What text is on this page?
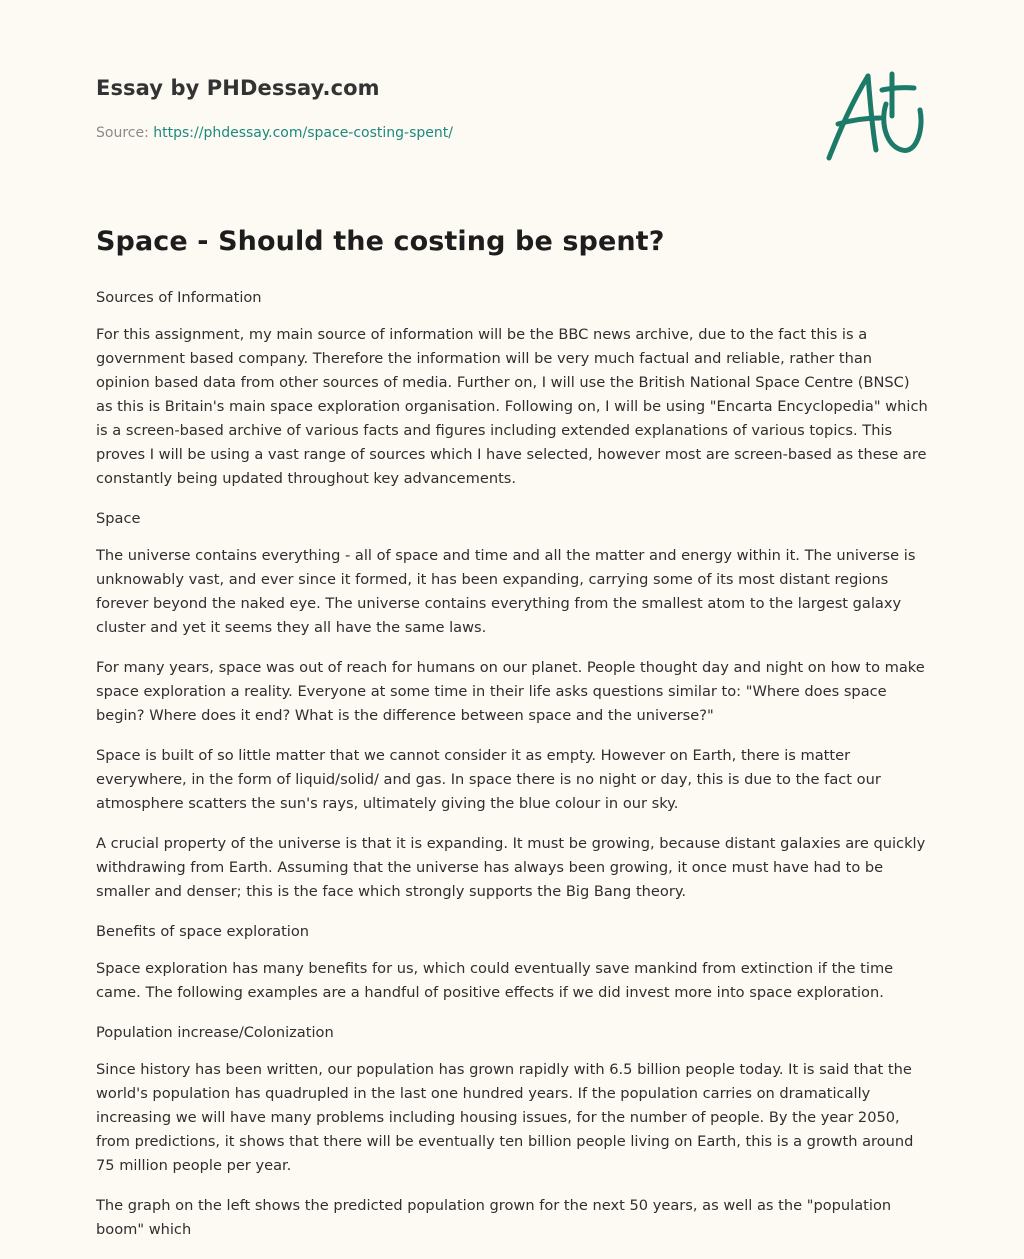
Essay by PHDessay.com
Source: https://phdessay.com/space-costing-spent/
Space - Should the costing be spent?

Sources of Information

For this assignment, my main source of information will be the BBC news archive, due to the fact this is a government based company. Therefore the information will be very much factual and reliable, rather than opinion based data from other sources of media. Further on, I will use the British National Space Centre (BNSC) as this is Britain's main space exploration organisation. Following on, I will be using "Encarta Encyclopedia" which is a screen-based archive of various facts and figures including extended explanations of various topics. This proves I will be using a vast range of sources which I have selected, however most are screen-based as these are constantly being updated throughout key advancements.

Space

The universe contains everything - all of space and time and all the matter and energy within it. The universe is unknowably vast, and ever since it formed, it has been expanding, carrying some of its most distant regions forever beyond the naked eye. The universe contains everything from the smallest atom to the largest galaxy cluster and yet it seems they all have the same laws.

For many years, space was out of reach for humans on our planet. People thought day and night on how to make space exploration a reality. Everyone at some time in their life asks questions similar to: "Where does space begin? Where does it end? What is the difference between space and the universe?"

Space is built of so little matter that we cannot consider it as empty. However on Earth, there is matter everywhere, in the form of liquid/solid/ and gas. In space there is no night or day, this is due to the fact our atmosphere scatters the sun's rays, ultimately giving the blue colour in our sky.

A crucial property of the universe is that it is expanding. It must be growing, because distant galaxies are quickly withdrawing from Earth. Assuming that the universe has always been growing, it once must have had to be smaller and denser; this is the face which strongly supports the Big Bang theory.

Benefits of space exploration

Space exploration has many benefits for us, which could eventually save mankind from extinction if the time came. The following examples are a handful of positive effects if we did invest more into space exploration.

Population increase/Colonization

Since history has been written, our population has grown rapidly with 6.5 billion people today. It is said that the world's population has quadrupled in the last one hundred years. If the population carries on dramatically increasing we will have many problems including housing issues, for the number of people. By the year 2050, from predictions, it shows that there will be eventually ten billion people living on Earth, this is a growth around 75 million people per year.

The graph on the left shows the predicted population grown for the next 50 years, as well as the "population boom" which
